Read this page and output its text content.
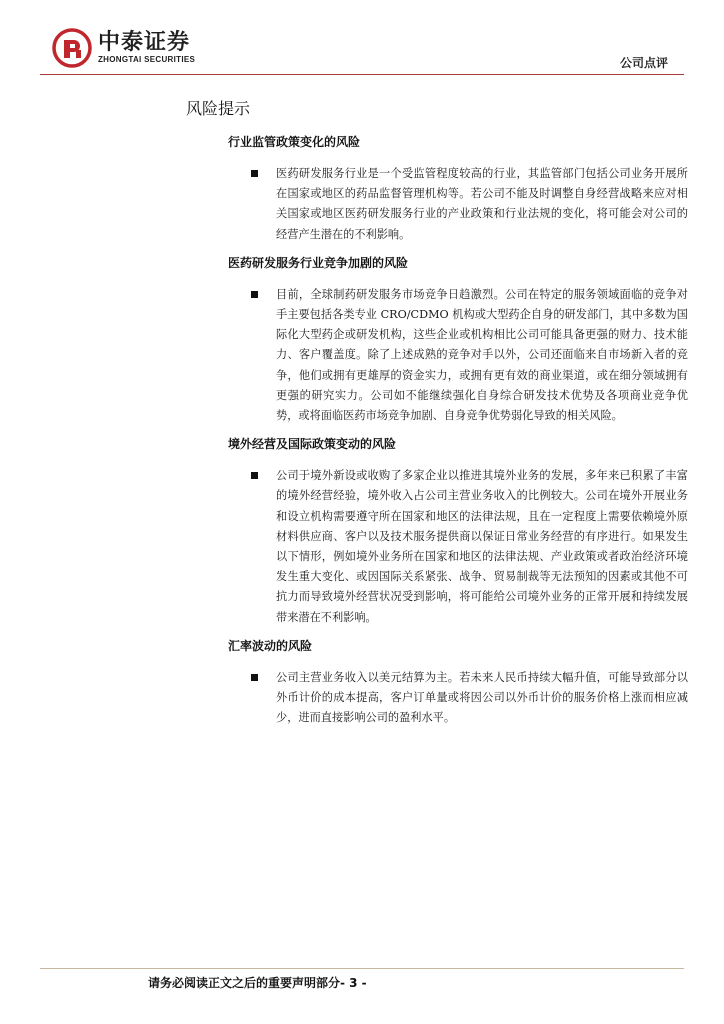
中泰证券
ZHONGTAI SECURITIES	公司点评
风险提示
行业监管政策变化的风险
医药研发服务行业是一个受监管程度较高的行业，其监管部门包括公司业务开展所在国家或地区的药品监督管理机构等。若公司不能及时调整自身经营战略来应对相关国家或地区医药研发服务行业的产业政策和行业法规的变化，将可能会对公司的经营产生潜在的不利影响。
医药研发服务行业竞争加剧的风险
目前，全球制药研发服务市场竞争日趋激烈。公司在特定的服务领域面临的竞争对手主要包括各类专业 CRO/CDMO 机构或大型药企自身的研发部门，其中多数为国际化大型药企或研发机构，这些企业或机构相比公司可能具备更强的财力、技术能力、客户覆盖度。除了上述成熟的竞争对手以外，公司还面临来自市场新入者的竞争，他们或拥有更雄厚的资金实力，或拥有更有效的商业渠道，或在细分领域拥有更强的研究实力。公司如不能继续强化自身综合研发技术优势及各项商业竞争优势，或将面临医药市场竞争加剧、自身竞争优势弱化导致的相关风险。
境外经营及国际政策变动的风险
公司于境外新设或收购了多家企业以推进其境外业务的发展，多年来已积累了丰富的境外经营经验，境外收入占公司主营业务收入的比例较大。公司在境外开展业务和设立机构需要遵守所在国家和地区的法律法规，且在一定程度上需要依赖境外原材料供应商、客户以及技术服务提供商以保证日常业务经营的有序进行。如果发生以下情形，例如境外业务所在国家和地区的法律法规、产业政策或者政治经济环境发生重大变化、或因国际关系紧张、战争、贸易制裁等无法预知的因素或其他不可抗力而导致境外经营状况受到影响，将可能给公司境外业务的正常开展和持续发展带来潜在不利影响。
汇率波动的风险
公司主营业务收入以美元结算为主。若未来人民币持续大幅升值，可能导致部分以外币计价的成本提高，客户订单量或将因公司以外币计价的服务价格上涨而相应减少，进而直接影响公司的盈利水平。
请务必阅读正文之后的重要声明部分- 3 -
